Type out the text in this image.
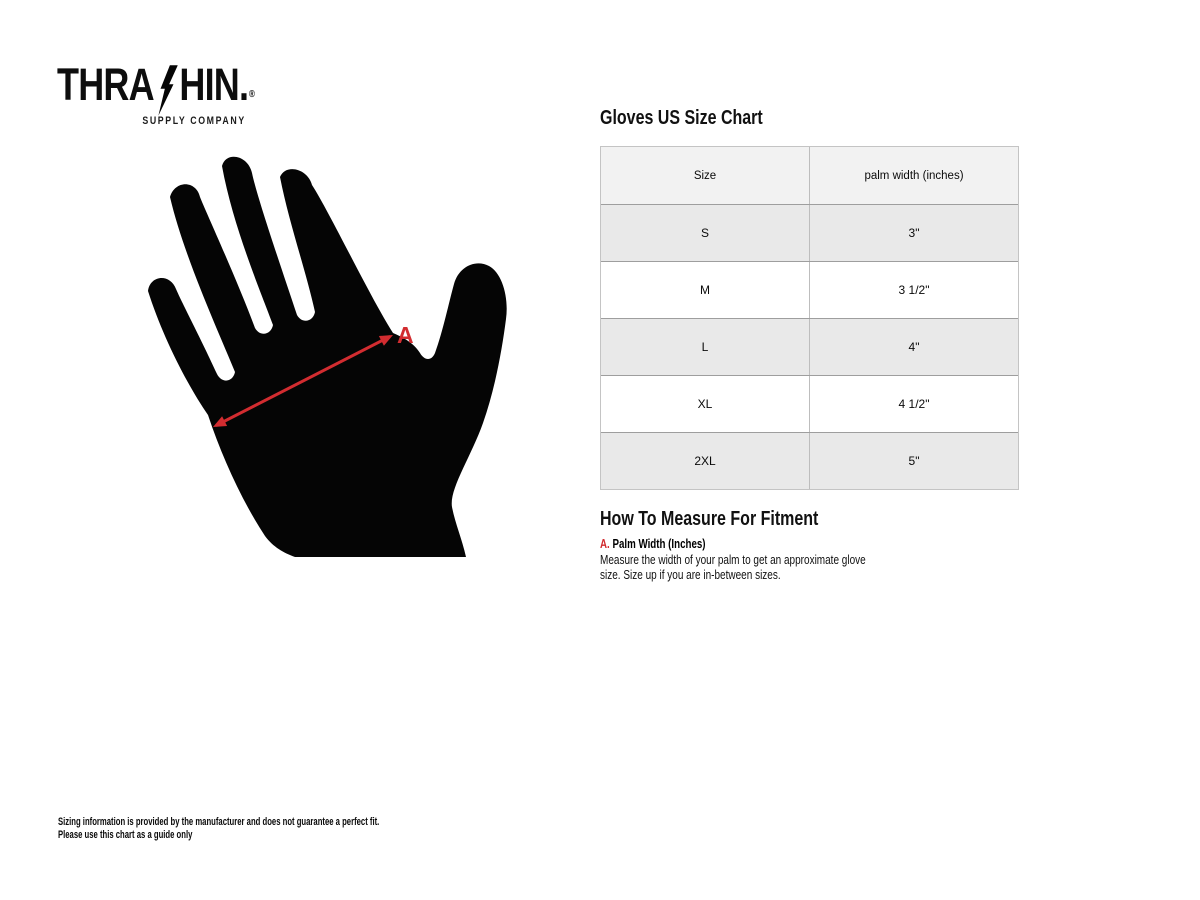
THRA HIN. ®
SUPPLY COMPANY
A
Gloves US Size Chart
Size	palm width (inches)
S	3"
M	3 1/2"
L	4"
XL	4 1/2"
2XL	5"
How To Measure For Fitment
A. Palm Width (Inches)
Measure the width of your palm to get an approximate glove
size. Size up if you are in-between sizes.
Sizing information is provided by the manufacturer and does not guarantee a perfect fit.
Please use this chart as a guide only
